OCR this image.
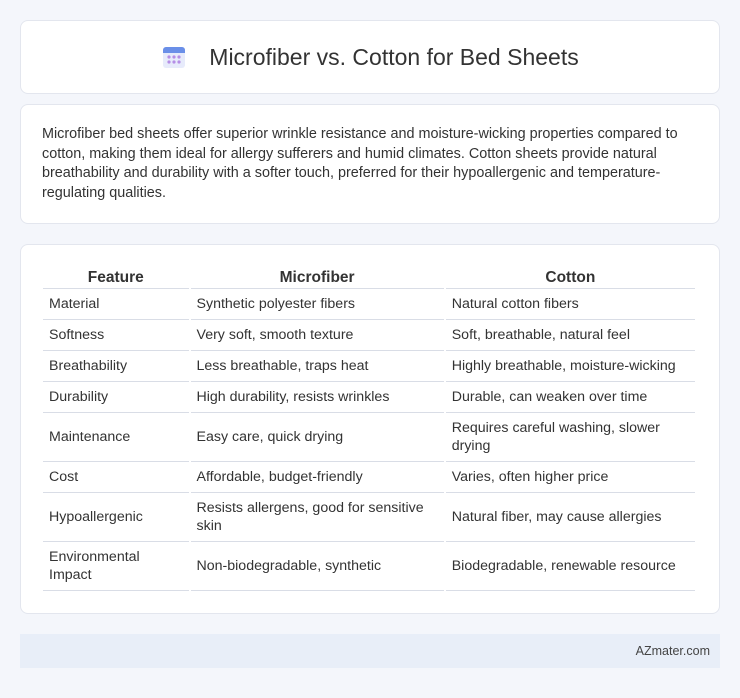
Microfiber vs. Cotton for Bed Sheets

Microfiber bed sheets offer superior wrinkle resistance and moisture-wicking properties compared to cotton, making them ideal for allergy sufferers and humid climates. Cotton sheets provide natural breathability and durability with a softer touch, preferred for their hypoallergenic and temperature-regulating qualities.

Feature	Microfiber	Cotton
Material	Synthetic polyester fibers	Natural cotton fibers
Softness	Very soft, smooth texture	Soft, breathable, natural feel
Breathability	Less breathable, traps heat	Highly breathable, moisture-wicking
Durability	High durability, resists wrinkles	Durable, can weaken over time
Maintenance	Easy care, quick drying	Requires careful washing, slower drying
Cost	Affordable, budget-friendly	Varies, often higher price
Hypoallergenic	Resists allergens, good for sensitive skin	Natural fiber, may cause allergies
Environmental Impact	Non-biodegradable, synthetic	Biodegradable, renewable resource
AZmater.com
